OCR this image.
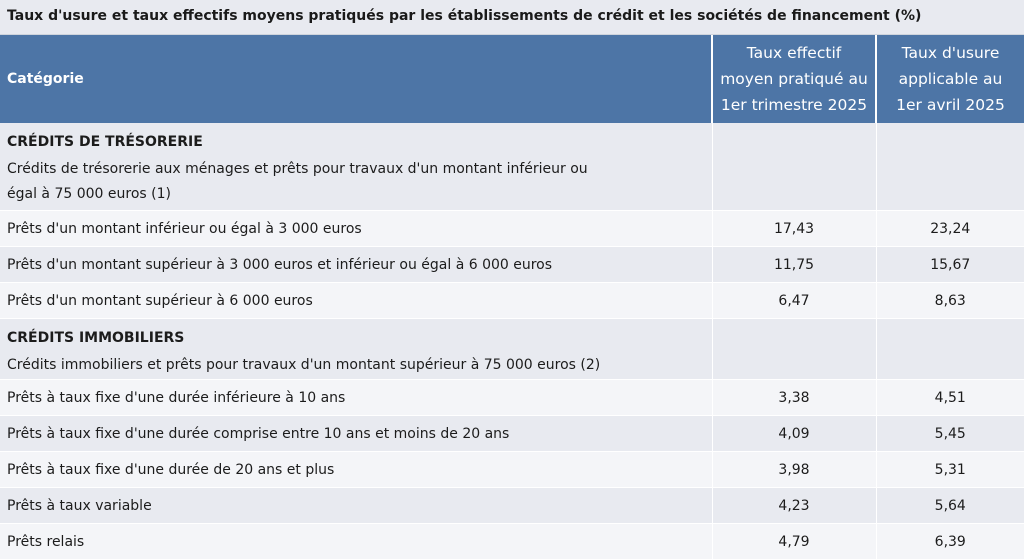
Taux d'usure et taux effectifs moyens pratiqués par les établissements de crédit et les sociétés de financement (%)
Catégorie	Taux effectif
moyen pratiqué au
1er trimestre 2025	Taux d'usure
applicable au
1er avril 2025

CRÉDITS DE TRÉSORERIE
Crédits de trésorerie aux ménages et prêts pour travaux d'un montant inférieur ou égal à 75 000 euros (1)		

Prêts d'un montant inférieur ou égal à 3 000 euros	17,43	23,24
Prêts d'un montant supérieur à 3 000 euros et inférieur ou égal à 6 000 euros	11,75	15,67
Prêts d'un montant supérieur à 6 000 euros	6,47	8,63

CRÉDITS IMMOBILIERS
Crédits immobiliers et prêts pour travaux d'un montant supérieur à 75 000 euros (2)		

Prêts à taux fixe d'une durée inférieure à 10 ans	3,38	4,51
Prêts à taux fixe d'une durée comprise entre 10 ans et moins de 20 ans	4,09	5,45
Prêts à taux fixe d'une durée de 20 ans et plus	3,98	5,31
Prêts à taux variable	4,23	5,64
Prêts relais	4,79	6,39
